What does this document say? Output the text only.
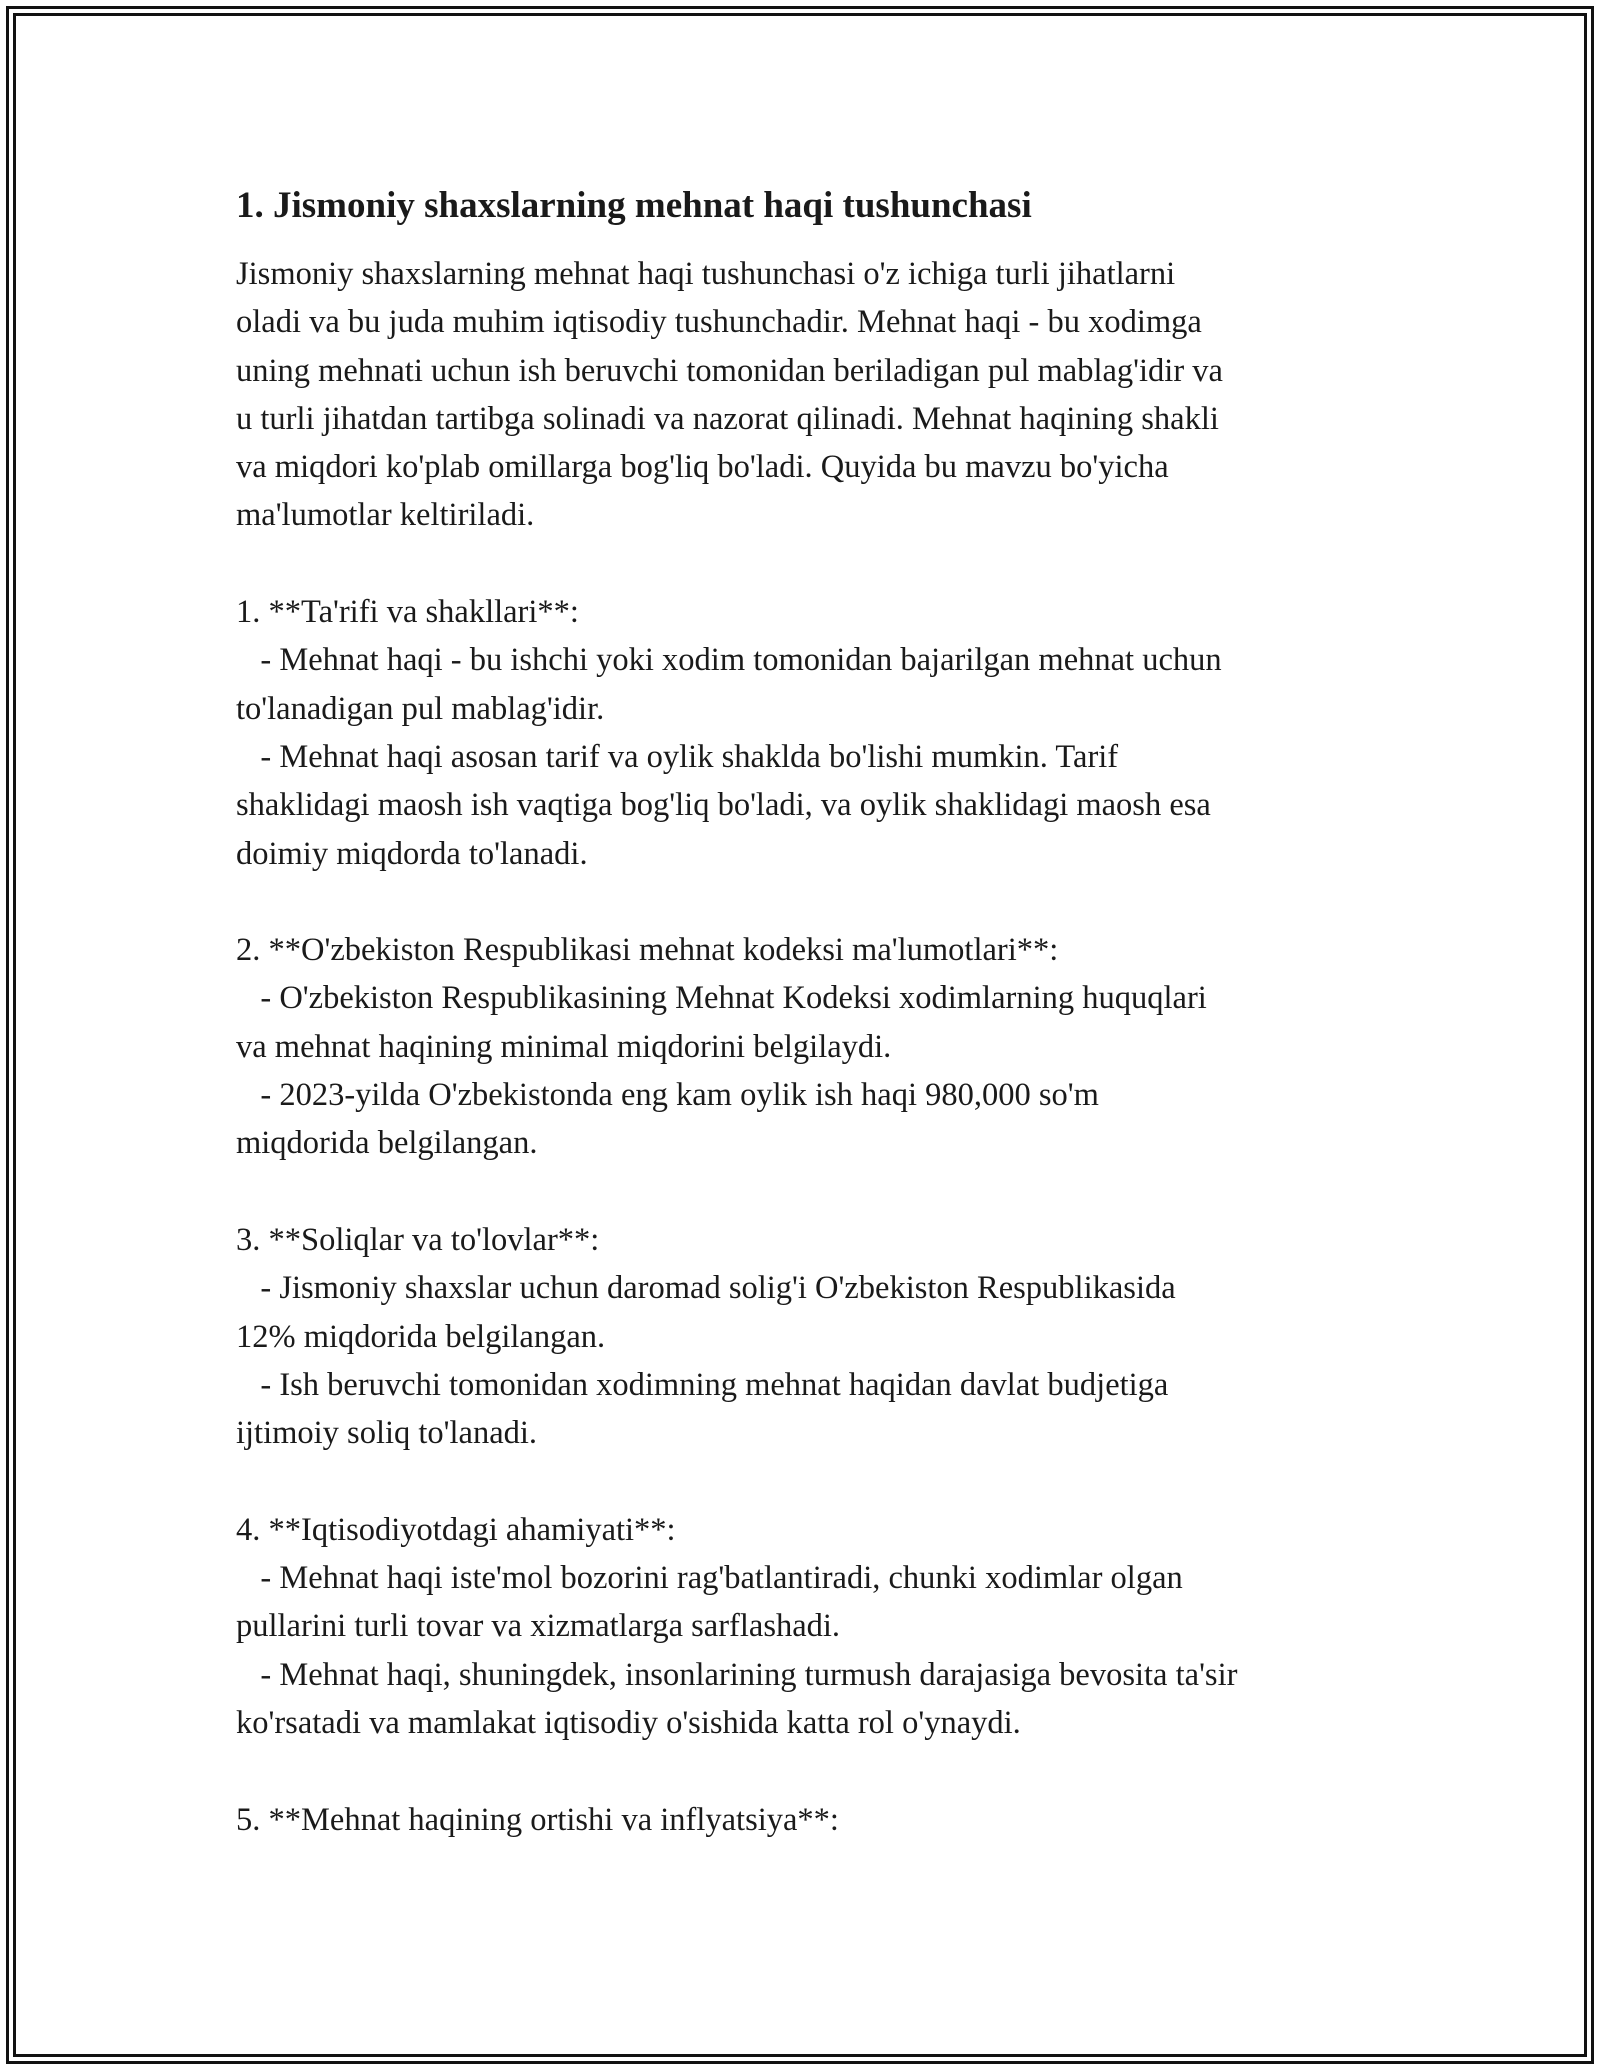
1. Jismoniy shaxslarning mehnat haqi tushunchasi
Jismoniy shaxslarning mehnat haqi tushunchasi o'z ichiga turli jihatlarni
oladi va bu juda muhim iqtisodiy tushunchadir. Mehnat haqi - bu xodimga
uning mehnati uchun ish beruvchi tomonidan beriladigan pul mablag'idir va
u turli jihatdan tartibga solinadi va nazorat qilinadi. Mehnat haqining shakli
va miqdori ko'plab omillarga bog'liq bo'ladi. Quyida bu mavzu bo'yicha
ma'lumotlar keltiriladi.
1. **Ta'rifi va shakllari**:
- Mehnat haqi - bu ishchi yoki xodim tomonidan bajarilgan mehnat uchun
to'lanadigan pul mablag'idir.
- Mehnat haqi asosan tarif va oylik shaklda bo'lishi mumkin. Tarif
shaklidagi maosh ish vaqtiga bog'liq bo'ladi, va oylik shaklidagi maosh esa
doimiy miqdorda to'lanadi.
2. **O'zbekiston Respublikasi mehnat kodeksi ma'lumotlari**:
- O'zbekiston Respublikasining Mehnat Kodeksi xodimlarning huquqlari
va mehnat haqining minimal miqdorini belgilaydi.
- 2023-yilda O'zbekistonda eng kam oylik ish haqi 980,000 so'm
miqdorida belgilangan.
3. **Soliqlar va to'lovlar**:
- Jismoniy shaxslar uchun daromad solig'i O'zbekiston Respublikasida
12% miqdorida belgilangan.
- Ish beruvchi tomonidan xodimning mehnat haqidan davlat budjetiga
ijtimoiy soliq to'lanadi.
4. **Iqtisodiyotdagi ahamiyati**:
- Mehnat haqi iste'mol bozorini rag'batlantiradi, chunki xodimlar olgan
pullarini turli tovar va xizmatlarga sarflashadi.
- Mehnat haqi, shuningdek, insonlarining turmush darajasiga bevosita ta'sir
ko'rsatadi va mamlakat iqtisodiy o'sishida katta rol o'ynaydi.
5. **Mehnat haqining ortishi va inflyatsiya**:
